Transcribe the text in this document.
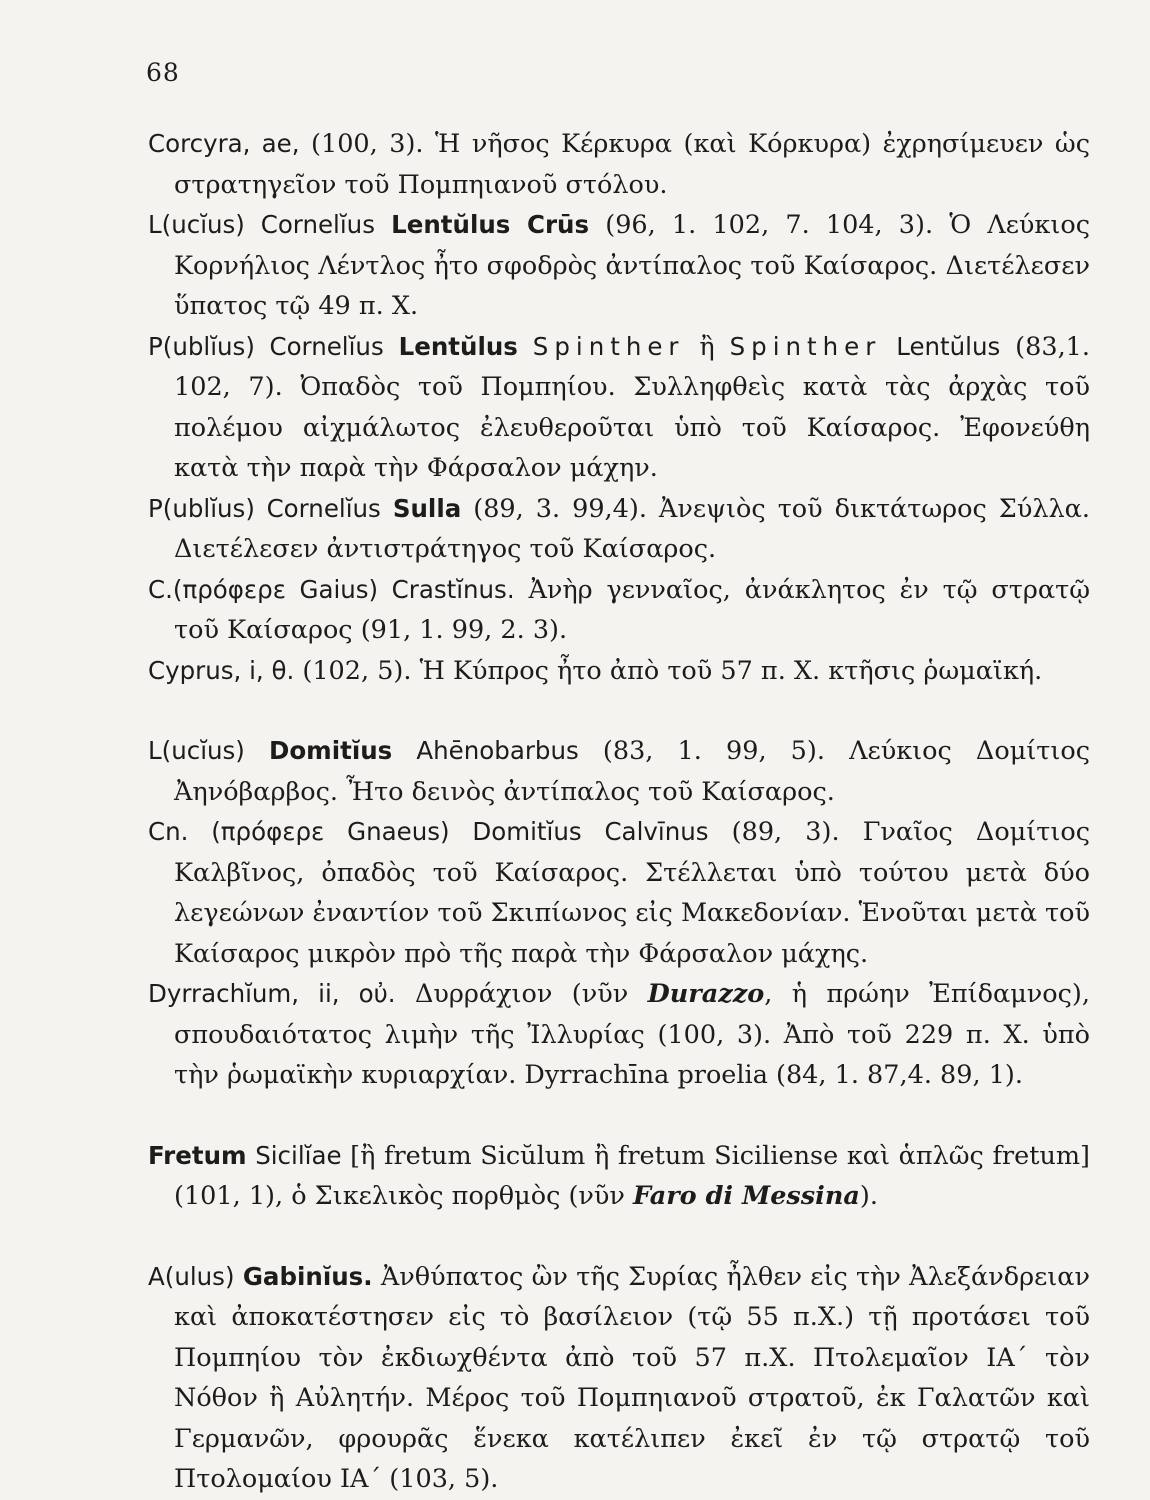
68

Corcyra, ae, (100, 3). Ἡ νῆσος Κέρκυρα (καὶ Κόρκυρα) ἐχρησίμευεν ὡς στρατηγεῖον τοῦ Πομπηιανοῦ στόλου.

L(ucĭus) Cornelĭus Lentŭlus Crūs (96, 1. 102, 7. 104, 3). Ὁ Λεύκιος Κορνήλιος Λέντλος ἦτο σφοδρὸς ἀντίπαλος τοῦ Καίσαρος. Διετέλεσεν ὕπατος τῷ 49 π. Χ.

P(ublĭus) Cornelĭus Lentŭlus Spinther ἢ Spinther Lentŭlus (83,1. 102, 7). Ὀπαδὸς τοῦ Πομπηίου. Συλληφθεὶς κατὰ τὰς ἀρχὰς τοῦ πολέμου αἰχμάλωτος ἐλευθεροῦται ὑπὸ τοῦ Καίσαρος. Ἐφονεύθη κατὰ τὴν παρὰ τὴν Φάρσαλον μάχην.

P(ublĭus) Cornelĭus Sulla (89, 3. 99,4). Ἀνεψιὸς τοῦ δικτάτωρος Σύλλα. Διετέλεσεν ἀντιστράτηγος τοῦ Καίσαρος.

C.(πρόφερε Gaius) Crastĭnus. Ἀνὴρ γενναῖος, ἀνάκλητος ἐν τῷ στρατῷ τοῦ Καίσαρος (91, 1. 99, 2. 3).

Cyprus, i, θ. (102, 5). Ἡ Κύπρος ἦτο ἀπὸ τοῦ 57 π. Χ. κτῆσις ῥωμαϊκή.

L(ucĭus) Domitĭus Ahēnobarbus (83, 1. 99, 5). Λεύκιος Δομίτιος Ἀηνόβαρβος. Ἦτο δεινὸς ἀντίπαλος τοῦ Καίσαρος.

Cn. (πρόφερε Gnaeus) Domitĭus Calvīnus (89, 3). Γναῖος Δομίτιος Καλβῖνος, ὀπαδὸς τοῦ Καίσαρος. Στέλλεται ὑπὸ τούτου μετὰ δύο λεγεώνων ἐναντίον τοῦ Σκιπίωνος εἰς Μακεδονίαν. Ἑνοῦται μετὰ τοῦ Καίσαρος μικρὸν πρὸ τῆς παρὰ τὴν Φάρσαλον μάχης.

Dyrrachĭum, ii, οὐ. Δυρράχιον (νῦν Durazzo, ἡ πρώην Ἐπίδαμνος), σπουδαιότατος λιμὴν τῆς Ἰλλυρίας (100, 3). Ἀπὸ τοῦ 229 π. Χ. ὑπὸ τὴν ῥωμαϊκὴν κυριαρχίαν. Dyrrachīna proelia (84, 1. 87,4. 89, 1).

Fretum Sicilĭae [ἢ fretum Sicŭlum ἢ fretum Siciliense καὶ ἁπλῶς fretum] (101, 1), ὁ Σικελικὸς πορθμὸς (νῦν Faro di Messina).

A(ulus) Gabinĭus. Ἀνθύπατος ὢν τῆς Συρίας ἦλθεν εἰς τὴν Ἀλεξάνδρειαν καὶ ἀποκατέστησεν εἰς τὸ βασίλειον (τῷ 55 π.Χ.) τῇ προτάσει τοῦ Πομπηίου τὸν ἐκδιωχθέντα ἀπὸ τοῦ 57 π.Χ. Πτολεμαῖον ΙΑ΄ τὸν Νόθον ἢ Αὐλητήν. Μέρος τοῦ Πομπηιανοῦ στρατοῦ, ἐκ Γαλατῶν καὶ Γερμανῶν, φρουρᾶς ἕνεκα κατέλιπεν ἐκεῖ ἐν τῷ στρατῷ τοῦ Πτολομαίου ΙΑ΄ (103, 5).
